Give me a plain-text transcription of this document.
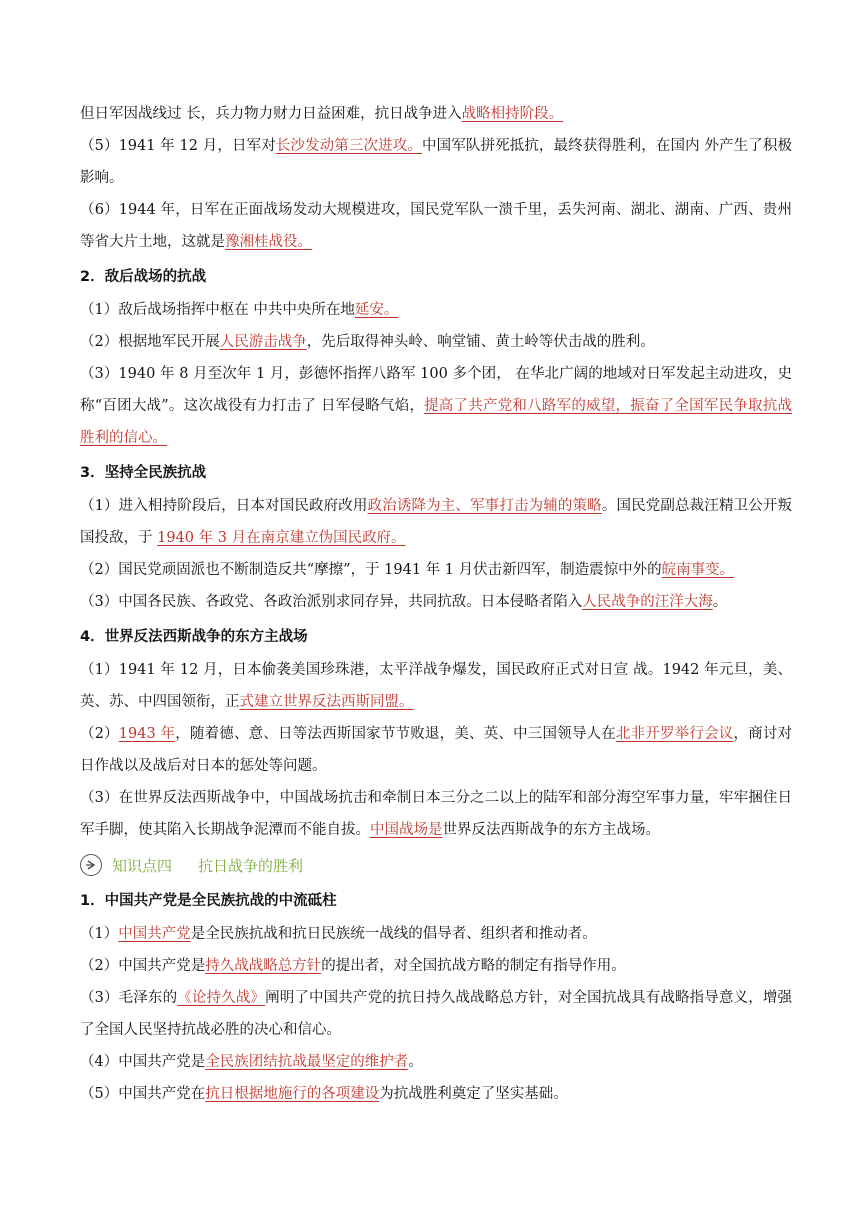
但日军因战线过 长，兵力物力财力日益困难，抗日战争进入战略相持阶段。

（5）1941 年 12 月，日军对长沙发动第三次进攻。中国军队拼死抵抗，最终获得胜利，在国内 外产生了积极影响。

（6）1944 年，日军在正面战场发动大规模进攻，国民党军队一溃千里，丢失河南、湖北、湖南、广西、贵州等省大片土地，这就是豫湘桂战役。

2．敌后战场的抗战

（1）敌后战场指挥中枢在 中共中央所在地延安。

（2）根据地军民开展人民游击战争，先后取得神头岭、响堂铺、黄土岭等伏击战的胜利。

（3）1940 年 8 月至次年 1 月，彭德怀指挥八路军 100 多个团， 在华北广阔的地域对日军发起主动进攻，史称“百团大战”。这次战役有力打击了 日军侵略气焰，提高了共产党和八路军的威望，振奋了全国军民争取抗战胜利的信心。

3．坚持全民族抗战

（1）进入相持阶段后，日本对国民政府改用政治诱降为主、军事打击为辅的策略。国民党副总裁汪精卫公开叛国投敌，于 1940 年 3 月在南京建立伪国民政府。

（2）国民党顽固派也不断制造反共“摩擦”，于 1941 年 1 月伏击新四军，制造震惊中外的皖南事变。

（3）中国各民族、各政党、各政治派别求同存异，共同抗敌。日本侵略者陷入人民战争的汪洋大海。

4．世界反法西斯战争的东方主战场

（1）1941 年 12 月，日本偷袭美国珍珠港，太平洋战争爆发，国民政府正式对日宣 战。1942 年元旦，美、英、苏、中四国领衔，正式建立世界反法西斯同盟。

（2）1943 年，随着德、意、日等法西斯国家节节败退，美、英、中三国领导人在北非开罗举行会议，商讨对日作战以及战后对日本的惩处等问题。

（3）在世界反法西斯战争中，中国战场抗击和牵制日本三分之二以上的陆军和部分海空军事力量，牢牢捆住日军手脚，使其陷入长期战争泥潭而不能自拔。中国战场是世界反法西斯战争的东方主战场。

知识点四 抗日战争的胜利

1．中国共产党是全民族抗战的中流砥柱

（1）中国共产党是全民族抗战和抗日民族统一战线的倡导者、组织者和推动者。

（2）中国共产党是持久战战略总方针的提出者，对全国抗战方略的制定有指导作用。

（3）毛泽东的《论持久战》阐明了中国共产党的抗日持久战战略总方针，对全国抗战具有战略指导意义，增强了全国人民坚持抗战必胜的决心和信心。

（4）中国共产党是全民族团结抗战最坚定的维护者。

（5）中国共产党在抗日根据地施行的各项建设为抗战胜利奠定了坚实基础。
